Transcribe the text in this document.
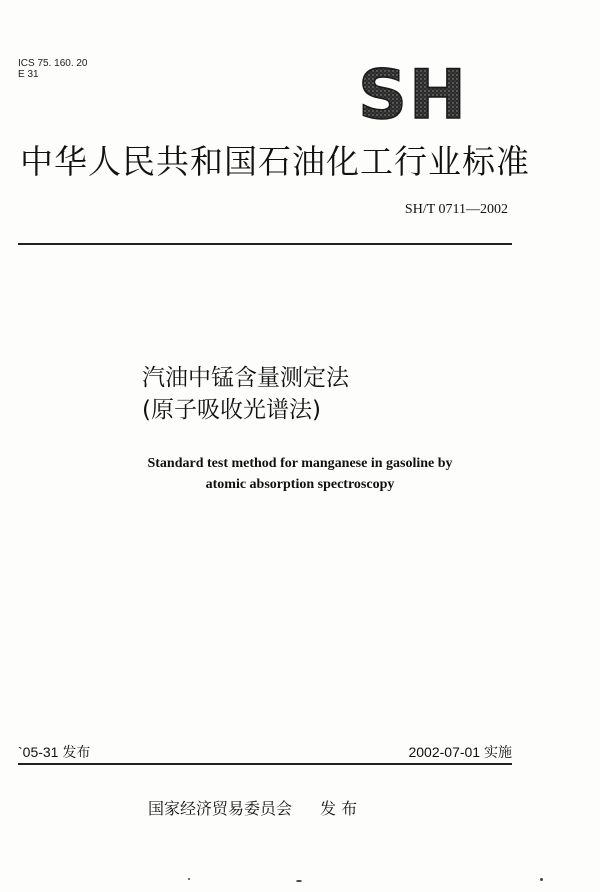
ICS 75. 160. 20
E 31	SH
中华人民共和国石油化工行业标准
SH/T 0711—2002
汽油中锰含量测定法
(原子吸收光谱法)
Standard test method for manganese in gasoline by
atomic absorption spectroscopy
`05-31 发布	2002-07-01 实施
国家经济贸易委员会 发 布
